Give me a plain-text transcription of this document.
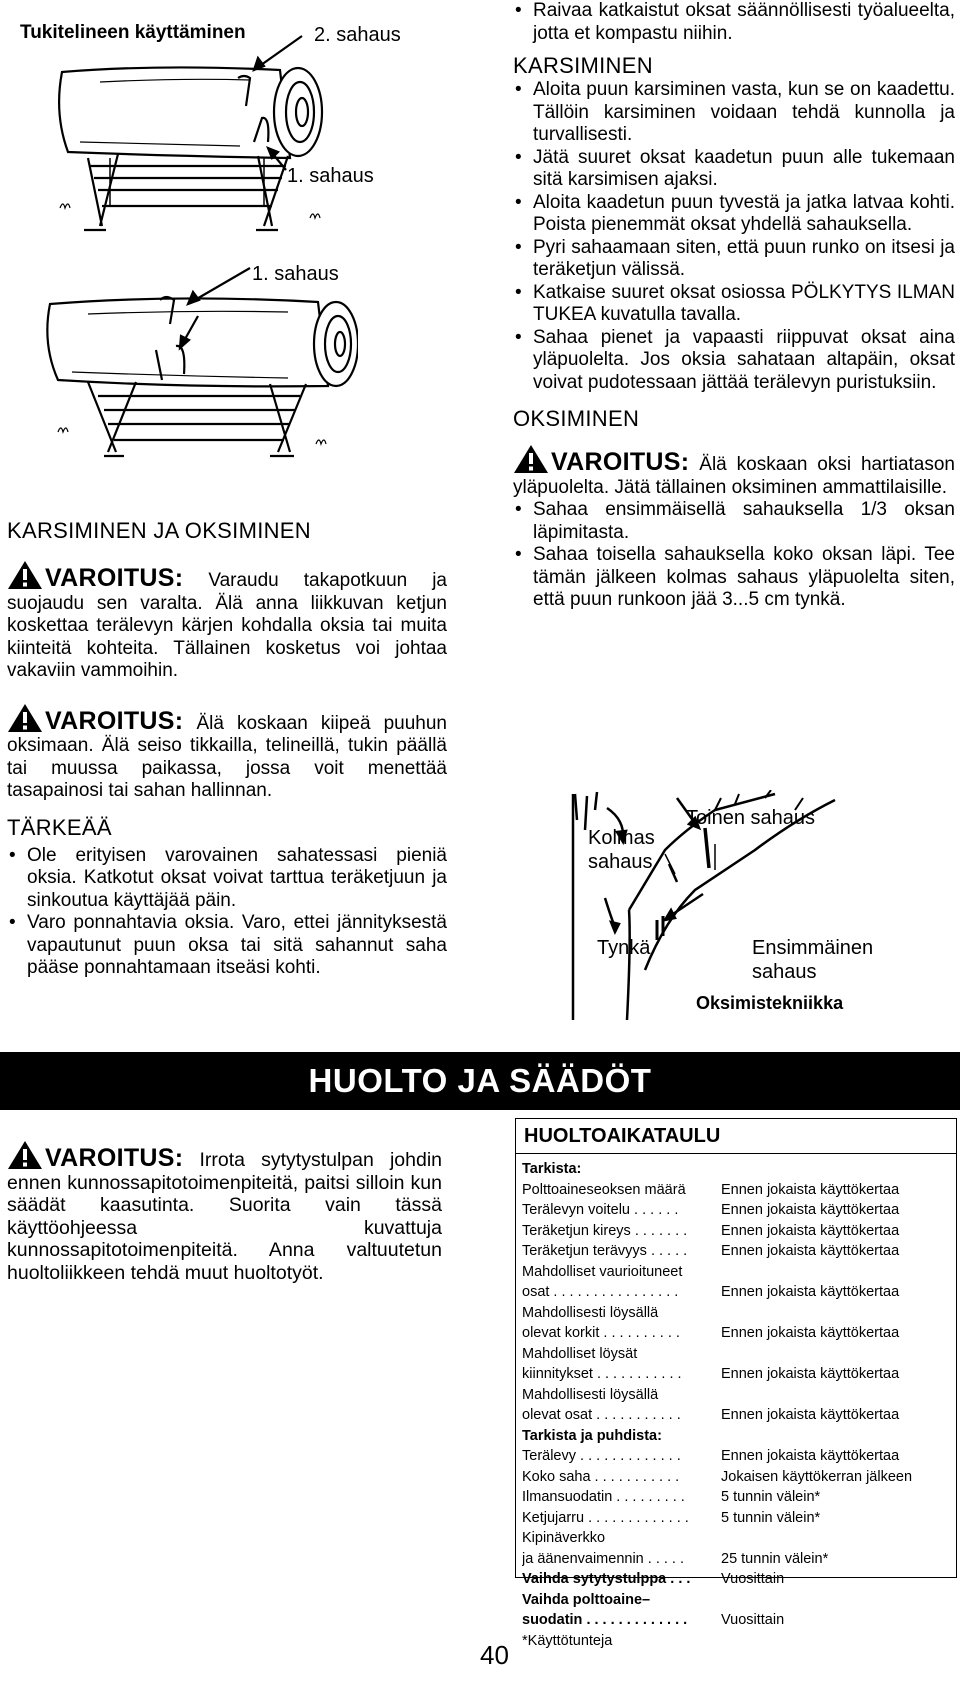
Tukitelineen käyttäminen	2. sahaus
1. sahaus
1. sahaus
KARSIMINEN JA OKSIMINEN

VAROITUS: Varaudu takapotkuun ja suojaudu sen varalta. Älä anna liikkuvan ketjun koskettaa terälevyn kärjen kohdalla oksia tai muita kiinteitä kohteita. Tällainen kosketus voi johtaa vakaviin vammoihin.

VAROITUS: Älä koskaan kiipeä puuhun oksimaan. Älä seiso tikkailla, telineillä, tukin päällä tai muussa paikassa, jossa voit menettää tasapainosi tai sahan hallinnan.

TÄRKEÄÄ
• Ole erityisen varovainen sahatessasi pieniä oksia. Katkotut oksat voivat tarttua teräketjuun ja sinkoutua käyttäjää päin.
• Varo ponnahtavia oksia. Varo, ettei jännityksestä vapautunut puun oksa tai sitä sahannut saha pääse ponnahtamaan itseäsi kohti.
• Raivaa katkaistut oksat säännöllisesti työalueelta, jotta et kompastu niihin.
KARSIMINEN
• Aloita puun karsiminen vasta, kun se on kaadettu. Tällöin karsiminen voidaan tehdä kunnolla ja turvallisesti.
• Jätä suuret oksat kaadetun puun alle tukemaan sitä karsimisen ajaksi.
• Aloita kaadetun puun tyvestä ja jatka latvaa kohti. Poista pienemmät oksat yhdellä sahauksella.
• Pyri sahaamaan siten, että puun runko on itsesi ja teräketjun välissä.
• Katkaise suuret oksat osiossa PÖLKYTYS ILMAN TUKEA kuvatulla tavalla.
• Sahaa pienet ja vapaasti riippuvat oksat aina yläpuolelta. Jos oksia sahataan altapäin, oksat voivat pudotessaan jättää terälevyn puristuksiin.
OKSIMINEN

VAROITUS: Älä koskaan oksi hartiatason yläpuolelta. Jätä tällainen oksiminen ammattilaisille.

• Sahaa ensimmäisellä sahauksella 1/3 oksan läpimitasta.
• Sahaa toisella sahauksella koko oksan läpi. Tee tämän jälkeen kolmas sahaus yläpuolelta siten, että puun runkoon jää 3...5 cm tynkä.
Kolmas sahaus
Toinen sahaus
Tynkä	Ensimmäinen sahaus
Oksimistekniikka
HUOLTO JA SÄÄDÖT

VAROITUS: Irrota sytytystulpan johdin ennen kunnossapitotoimenpiteitä, paitsi silloin kun säädät kaasutinta. Suorita vain tässä käyttöohjeessa kuvattuja kunnossapitotoimenpiteitä. Anna valtuutetun huoltoliikkeen tehdä muut huoltotyöt.

HUOLTOAIKATAULU
Tarkista:
Polttoaineseoksen määrä	Ennen jokaista käyttökertaa
Terälevyn voitelu . . . . . .	Ennen jokaista käyttökertaa
Teräketjun kireys . . . . . . .	Ennen jokaista käyttökertaa
Teräketjun terävyys . . . . .	Ennen jokaista käyttökertaa
Mahdolliset vaurioituneet
osat . . . . . . . . . . . . . . . .	Ennen jokaista käyttökertaa
Mahdollisesti löysällä
olevat korkit . . . . . . . . . .	Ennen jokaista käyttökertaa
Mahdolliset löysät
kiinnitykset . . . . . . . . . . .	Ennen jokaista käyttökertaa
Mahdollisesti löysällä
olevat osat . . . . . . . . . . .	Ennen jokaista käyttökertaa
Tarkista ja puhdista:
Terälevy . . . . . . . . . . . . .	Ennen jokaista käyttökertaa
Koko saha . . . . . . . . . . .	Jokaisen käyttökerran jälkeen
Ilmansuodatin . . . . . . . . .	5 tunnin välein*
Ketjujarru . . . . . . . . . . . . .	5 tunnin välein*
Kipinäverkko
ja äänenvaimennin . . . . .	25 tunnin välein*
Vaihda sytytystulppa . . .	Vuosittain
Vaihda polttoaine–
suodatin . . . . . . . . . . . . .	Vuosittain
*Käyttötunteja
40
